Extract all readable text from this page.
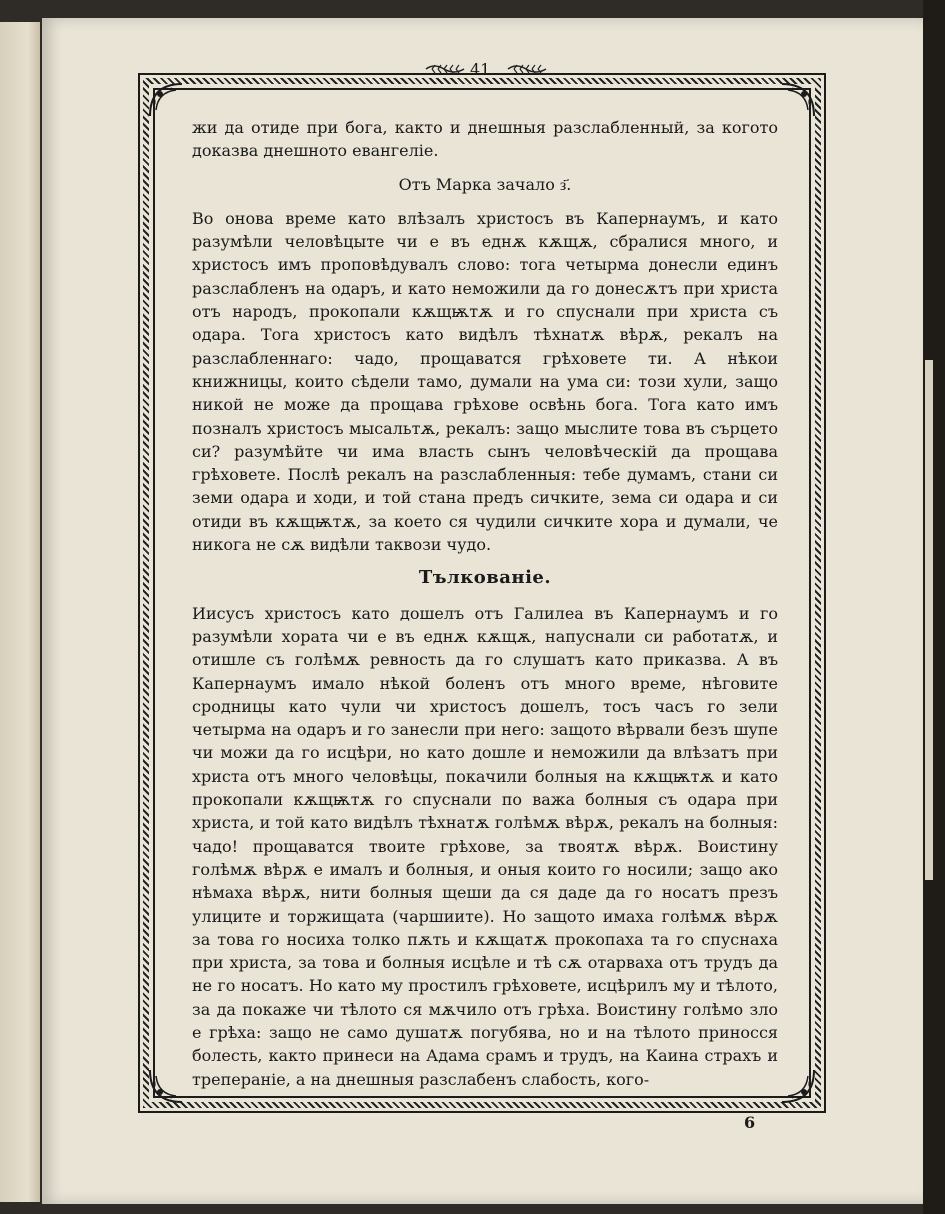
41

жи да отиде при бога, както и днешныя разслабленный, за когото доказва днешното евангеліе.

Отъ Марка зачало з҃.

Во онова време като влѣзалъ христосъ въ Капернаумъ, и като разумѣли человѣцыте чи е въ еднѫ кѫщѫ, сбралися много, и христосъ имъ проповѣдувалъ слово: тога четырма донесли единъ разслабленъ на одаръ, и като неможили да го донесѫтъ при христа отъ народъ, прокопали кѫщѭтѫ и го спуснали при христа съ одара. Тога христосъ като видѣлъ тѣхнатѫ вѣрѫ, рекалъ на разслабленнаго: чадо, прощаватся грѣховете ти. А нѣкои книжницы, които сѣдели тамо, думали на ума си: този хули, защо никой не може да прощава грѣхове освѣнь бога. Тога като имъ позналъ христосъ мысальтѫ, рекалъ: защо мыслите това въ сърцето си? разумѣйте чи има власть сынъ человѣческій да прощава грѣховете. Послѣ рекалъ на разслабленныя: тебе думамъ, стани си земи одара и ходи, и той стана предъ сичките, зема си одара и си отиди въ кѫщѭтѫ, за което ся чудили сичките хора и думали, че никога не сѫ видѣли таквози чудо.

Тълкованіе.

Иисусъ христосъ като дошелъ отъ Галилеа въ Капернаумъ и го разумѣли хората чи е въ еднѫ кѫщѫ, напуснали си работатѫ, и отишле съ голѣмѫ ревность да го слушатъ като приказва. А въ Капернаумъ имало нѣкой боленъ отъ много време, нѣговите сродницы като чули чи христосъ дошелъ, тосъ часъ го зели четырма на одаръ и го занесли при него: защото вѣрвали безъ шупе чи можи да го исцѣри, но като дошле и неможили да влѣзатъ при христа отъ много человѣцы, покачили болныя на кѫщѭтѫ и като прокопали кѫщѭтѫ го спуснали по важа болныя съ одара при христа, и той като видѣлъ тѣхнатѫ голѣмѫ вѣрѫ, рекалъ на болныя: чадо! прощаватся твоите грѣхове, за твоятѫ вѣрѫ. Воистину голѣмѫ вѣрѫ е ималъ и болныя, и оныя които го носили; защо ако нѣмаха вѣрѫ, нити болныя щеши да ся даде да го носатъ презъ улиците и торжищата (чаршиите). Но защото имаха голѣмѫ вѣрѫ за това го носиха толко пѫть и кѫщатѫ прокопаха та го спуснаха при христа, за това и болныя исцѣле и тѣ сѫ отарваха отъ трудъ да не го носатъ. Но като му простилъ грѣховете, исцѣрилъ му и тѣлото, за да покаже чи тѣлото ся мѫчило отъ грѣха. Воистину голѣмо зло е грѣха: защо не само душатѫ погубява, но и на тѣлото приносся болесть, както принеси на Адама срамъ и трудъ, на Каина страхъ и трепераніе, а на днешныя разслабенъ слабость, кого-

6
